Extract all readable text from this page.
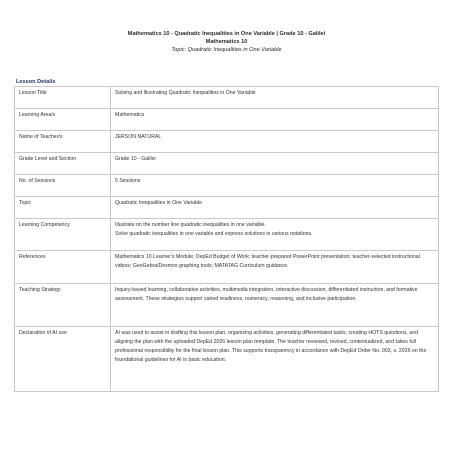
Mathematics 10 - Quadratic Inequalities in One Variable | Grade 10 - Galilei
Mathematics 10
Topic: Quadratic Inequalities in One Variable
Lesson Details
Lesson Title	Solving and Illustrating Quadratic Inequalities in One Variable
Learning Area/s	Mathematics
Name of Teacher/s	JERSON NATURAL
Grade Level and Section	Grade 10 - Galilei
No. of Sessions	5 Sessions
Topic	Quadratic Inequalities in One Variable
Learning Competency	Illustrate on the number line quadratic inequalities in one variable.
Solve quadratic inequalities in one variable and express solutions in various notations.

References	Mathematics 10 Learner's Module; DepEd Budget of Work; teacher-prepared PowerPoint presentation; teacher-selected instructional videos; GeoGebra/Desmos graphing tools; MATATAG Curriculum guidance.
Teaching Strategy	Inquiry-based learning, collaborative activities, multimedia integration, interactive discussion, differentiated instruction, and formative assessment. These strategies support varied readiness, numeracy, reasoning, and inclusive participation.
Declaration of AI use	AI was used to assist in drafting this lesson plan, organizing activities, generating differentiated tasks, creating HOTS questions, and aligning the plan with the uploaded DepEd 2026 lesson plan template. The teacher reviewed, revised, contextualized, and takes full professional responsibility for the final lesson plan. This supports transparency in accordance with DepEd Order No. 003, s. 2026 on the foundational guidelines for AI in basic education.
